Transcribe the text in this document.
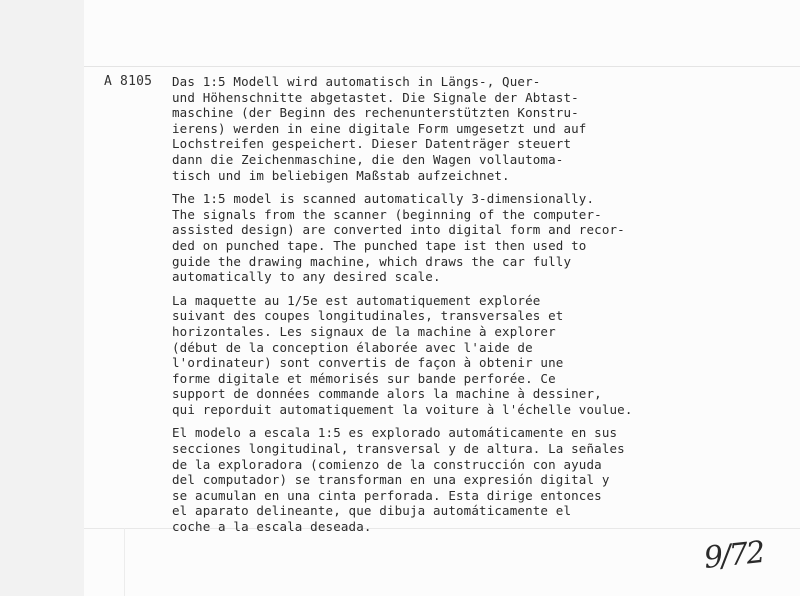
A 8105 Das 1:5 Modell wird automatisch in Längs-, Quer-
und Höhenschnitte abgetastet. Die Signale der Abtast-
maschine (der Beginn des rechenunterstützten Konstru-
ierens) werden in eine digitale Form umgesetzt und auf
Lochstreifen gespeichert. Dieser Datenträger steuert
dann die Zeichenmaschine, die den Wagen vollautoma-
tisch und im beliebigen Maßstab aufzeichnet.
The 1:5 model is scanned automatically 3-dimensionally.
The signals from the scanner (beginning of the computer-
assisted design) are converted into digital form and recor-
ded on punched tape. The punched tape ist then used to
guide the drawing machine, which draws the car fully
automatically to any desired scale.
La maquette au 1/5e est automatiquement explorée
suivant des coupes longitudinales, transversales et
horizontales. Les signaux de la machine à explorer
(début de la conception élaborée avec l'aide de
l'ordinateur) sont convertis de façon à obtenir une
forme digitale et mémorisés sur bande perforée. Ce
support de données commande alors la machine à dessiner,
qui reporduit automatiquement la voiture à l'échelle voulue.
El modelo a escala 1:5 es explorado automáticamente en sus
secciones longitudinal, transversal y de altura. La señales
de la exploradora (comienzo de la construcción con ayuda
del computador) se transforman en una expresión digital y
se acumulan en una cinta perforada. Esta dirige entonces
el aparato delineante, que dibuja automáticamente el
coche a la escala deseada.
9/72
